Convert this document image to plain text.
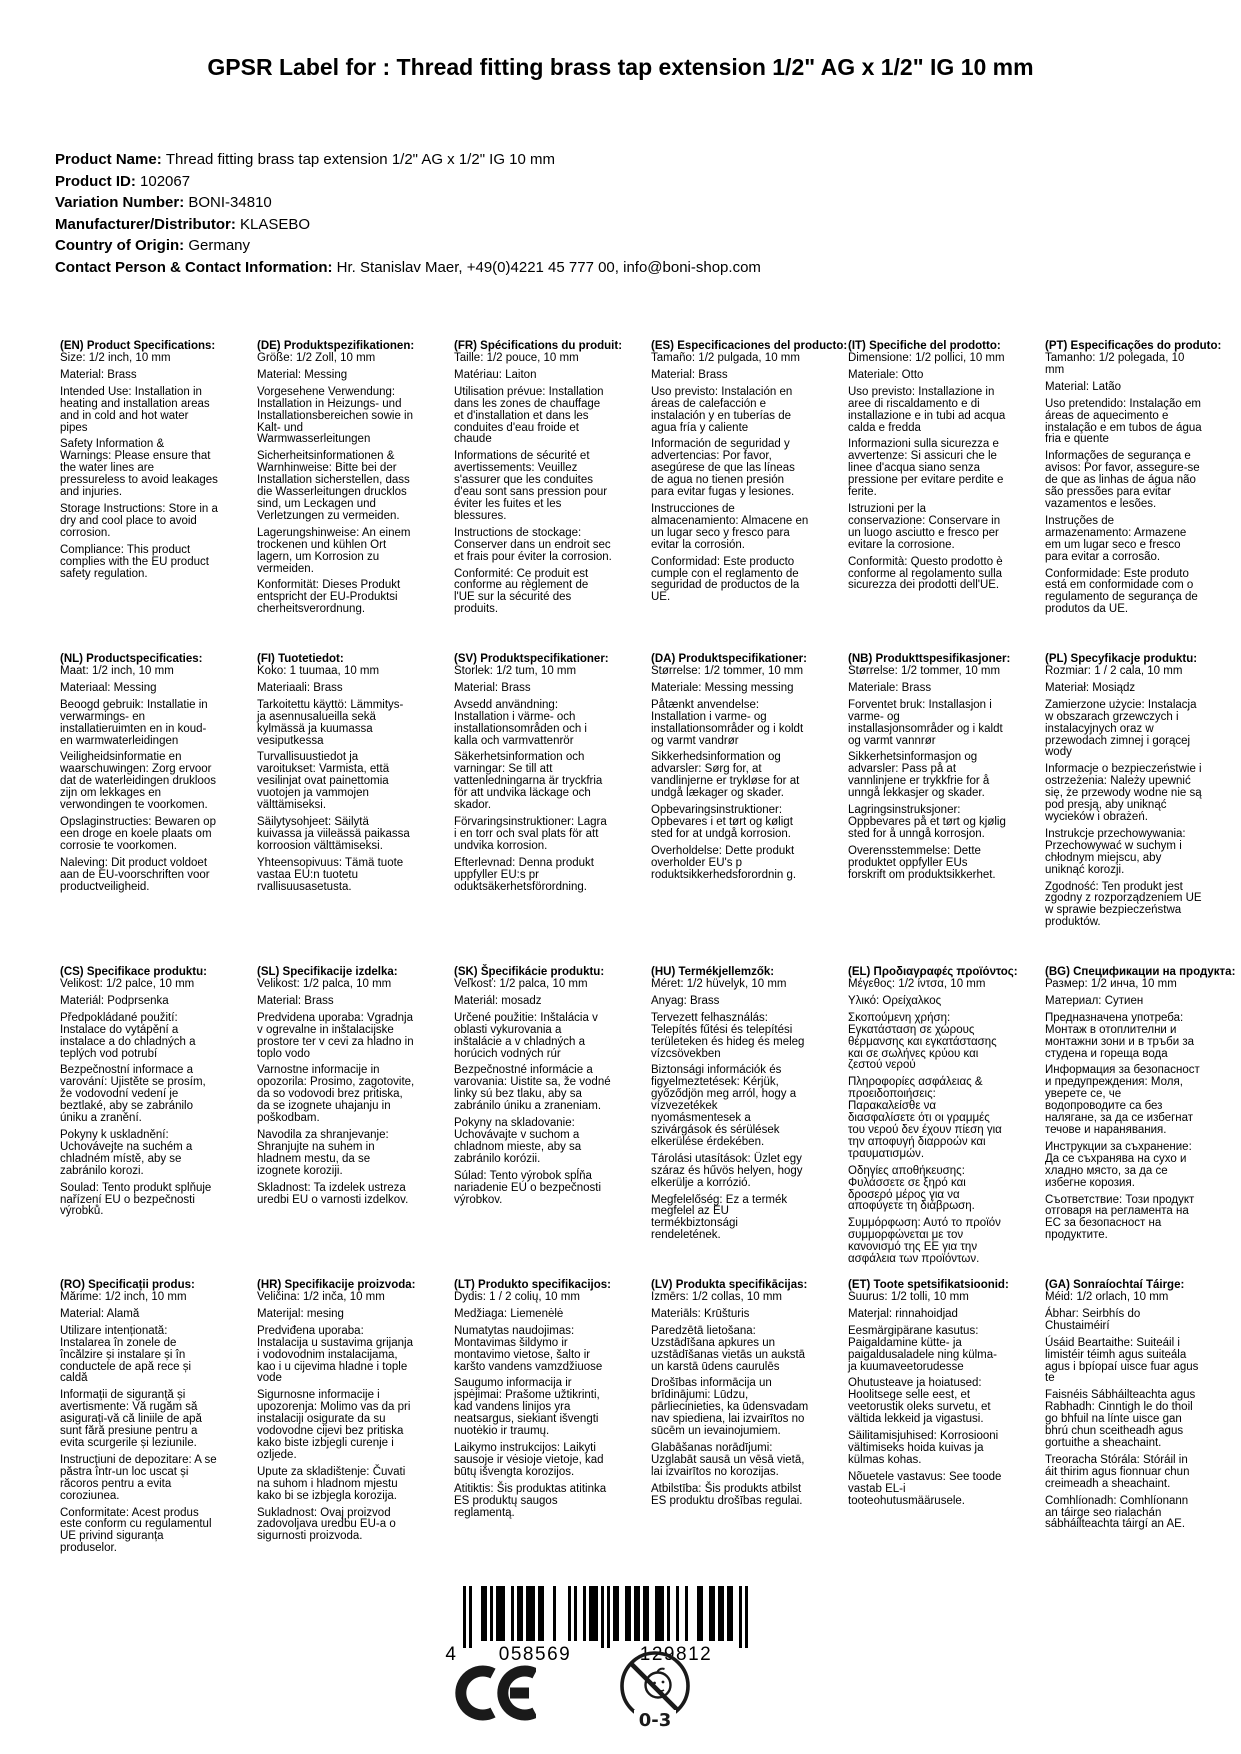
GPSR Label for : Thread fitting brass tap extension 1/2" AG x 1/2" IG 10 mm
Product Name: Thread fitting brass tap extension 1/2" AG x 1/2" IG 10 mm
Product ID: 102067
Variation Number: BONI-34810
Manufacturer/Distributor: KLASEBO
Country of Origin: Germany
Contact Person & Contact Information: Hr. Stanislav Maer, +49(0)4221 45 777 00, info@boni-shop.com
(EN) Product Specifications:

Size: 1/2 inch, 10 mm

Material: Brass

Intended Use: Installation in heating and installation areas and in cold and hot water pipes

Safety Information & Warnings: Please ensure that the water lines are pressureless to avoid leakages and injuries.

Storage Instructions: Store in a dry and cool place to avoid corrosion.

Compliance: This product complies with the EU product safety regulation.

(DE) Produktspezifikationen:

Größe: 1/2 Zoll, 10 mm

Material: Messing

Vorgesehene Verwendung: Installation in Heizungs- und Installationsbereichen sowie in Kalt- und Warmwasserleitungen

Sicherheitsinformationen & Warnhinweise: Bitte bei der Installation sicherstellen, dass die Wasserleitungen drucklos sind, um Leckagen und Verletzungen zu vermeiden.

Lagerungshinweise: An einem trockenen und kühlen Ort lagern, um Korrosion zu vermeiden.

Konformität: Dieses Produkt entspricht der EU-Produktsi cherheitsverordnung.

(FR) Spécifications du produit:

Taille: 1/2 pouce, 10 mm

Matériau: Laiton

Utilisation prévue: Installation dans les zones de chauffage et d'installation et dans les conduites d'eau froide et chaude

Informations de sécurité et avertissements: Veuillez s'assurer que les conduites d'eau sont sans pression pour éviter les fuites et les blessures.

Instructions de stockage: Conserver dans un endroit sec et frais pour éviter la corrosion.

Conformité: Ce produit est conforme au règlement de l'UE sur la sécurité des produits.

(ES) Especificaciones del producto:

Tamaño: 1/2 pulgada, 10 mm

Material: Brass

Uso previsto: Instalación en áreas de calefacción e instalación y en tuberías de agua fría y caliente

Información de seguridad y advertencias: Por favor, asegúrese de que las líneas de agua no tienen presión para evitar fugas y lesiones.

Instrucciones de almacenamiento: Almacene en un lugar seco y fresco para evitar la corrosión.

Conformidad: Este producto cumple con el reglamento de seguridad de productos de la UE.

(IT) Specifiche del prodotto:

Dimensione: 1/2 pollici, 10 mm

Materiale: Otto

Uso previsto: Installazione in aree di riscaldamento e di installazione e in tubi ad acqua calda e fredda

Informazioni sulla sicurezza e avvertenze: Si assicuri che le linee d'acqua siano senza pressione per evitare perdite e ferite.

Istruzioni per la conservazione: Conservare in un luogo asciutto e fresco per evitare la corrosione.

Conformità: Questo prodotto è conforme al regolamento sulla sicurezza dei prodotti dell'UE.

(PT) Especificações do produto:

Tamanho: 1/2 polegada, 10 mm

Material: Latão

Uso pretendido: Instalação em áreas de aquecimento e instalação e em tubos de água fria e quente

Informações de segurança e avisos: Por favor, assegure-se de que as linhas de água não são pressões para evitar vazamentos e lesões.

Instruções de armazenamento: Armazene em um lugar seco e fresco para evitar a corrosão.

Conformidade: Este produto está em conformidade com o regulamento de segurança de produtos da UE.

(NL) Productspecificaties:

Maat: 1/2 inch, 10 mm

Materiaal: Messing

Beoogd gebruik: Installatie in verwarmings- en installatieruimten en in koud- en warmwaterleidingen

Veiligheidsinformatie en waarschuwingen: Zorg ervoor dat de waterleidingen drukloos zijn om lekkages en verwondingen te voorkomen.

Opslaginstructies: Bewaren op een droge en koele plaats om corrosie te voorkomen.

Naleving: Dit product voldoet aan de EU-voorschriften voor productveiligheid.

(FI) Tuotetiedot:

Koko: 1 tuumaa, 10 mm

Materiaali: Brass

Tarkoitettu käyttö: Lämmitys- ja asennusalueilla sekä kylmässä ja kuumassa vesiputkessa

Turvallisuustiedot ja varoitukset: Varmista, että vesilinjat ovat painettomia vuotojen ja vammojen välttämiseksi.

Säilytysohjeet: Säilytä kuivassa ja viileässä paikassa korroosion välttämiseksi.

Yhteensopivuus: Tämä tuote vastaa EU:n tuotetu rvallisuusasetusta.

(SV) Produktspecifikationer:

Storlek: 1/2 tum, 10 mm

Material: Brass

Avsedd användning: Installation i värme- och installationsområden och i kalla och varmvattenrör

Säkerhetsinformation och varningar: Se till att vattenledningarna är tryckfria för att undvika läckage och skador.

Förvaringsinstruktioner: Lagra i en torr och sval plats för att undvika korrosion.

Efterlevnad: Denna produkt uppfyller EU:s pr oduktsäkerhetsförordning.

(DA) Produktspecifikationer:

Størrelse: 1/2 tommer, 10 mm

Materiale: Messing messing

Påtænkt anvendelse: Installation i varme- og installationsområder og i koldt og varmt vandrør

Sikkerhedsinformation og advarsler: Sørg for, at vandlinjerne er trykløse for at undgå lækager og skader.

Opbevaringsinstruktioner: Opbevares i et tørt og køligt sted for at undgå korrosion.

Overholdelse: Dette produkt overholder EU's p roduktsikkerhedsforordnin g.

(NB) Produkttspesifikasjoner:

Størrelse: 1/2 tommer, 10 mm

Materiale: Brass

Forventet bruk: Installasjon i varme- og installasjonsområder og i kaldt og varmt vannrør

Sikkerhetsinformasjon og advarsler: Pass på at vannlinjene er trykkfrie for å unngå lekkasjer og skader.

Lagringsinstruksjoner: Oppbevares på et tørt og kjølig sted for å unngå korrosjon.

Overensstemmelse: Dette produktet oppfyller EUs forskrift om produktsikkerhet.

(PL) Specyfikacje produktu:

Rozmiar: 1 / 2 cala, 10 mm

Materiał: Mosiądz

Zamierzone użycie: Instalacja w obszarach grzewczych i instalacyjnych oraz w przewodach zimnej i gorącej wody

Informacje o bezpieczeństwie i ostrzeżenia: Należy upewnić się, że przewody wodne nie są pod presją, aby uniknąć wycieków i obrażeń.

Instrukcje przechowywania: Przechowywać w suchym i chłodnym miejscu, aby uniknąć korozji.

Zgodność: Ten produkt jest zgodny z rozporządzeniem UE w sprawie bezpieczeństwa produktów.

(CS) Specifikace produktu:

Velikost: 1/2 palce, 10 mm

Materiál: Podprsenka

Předpokládané použití: Instalace do vytápění a instalace a do chladných a teplých vod potrubí

Bezpečnostní informace a varování: Ujistěte se prosím, že vodovodní vedení je beztlaké, aby se zabránilo úniku a zranění.

Pokyny k uskladnění: Uchovávejte na suchém a chladném místě, aby se zabránilo korozi.

Soulad: Tento produkt splňuje nařízení EU o bezpečnosti výrobků.

(SL) Specifikacije izdelka:

Velikost: 1/2 palca, 10 mm

Material: Brass

Predvidena uporaba: Vgradnja v ogrevalne in inštalacijske prostore ter v cevi za hladno in toplo vodo

Varnostne informacije in opozorila: Prosimo, zagotovite, da so vodovodi brez pritiska, da se izognete uhajanju in poškodbam.

Navodila za shranjevanje: Shranjujte na suhem in hladnem mestu, da se izognete koroziji.

Skladnost: Ta izdelek ustreza uredbi EU o varnosti izdelkov.

(SK) Špecifikácie produktu:

Veľkosť: 1/2 palca, 10 mm

Materiál: mosadz

Určené použitie: Inštalácia v oblasti vykurovania a inštalácie a v chladných a horúcich vodných rúr

Bezpečnostné informácie a varovania: Uistite sa, že vodné linky sú bez tlaku, aby sa zabránilo úniku a zraneniam.

Pokyny na skladovanie: Uchovávajte v suchom a chladnom mieste, aby sa zabránilo korózii.

Súlad: Tento výrobok spĺňa nariadenie EÚ o bezpečnosti výrobkov.

(HU) Termékjellemzők:

Méret: 1/2 hüvelyk, 10 mm

Anyag: Brass

Tervezett felhasználás: Telepítés fűtési és telepítési területeken és hideg és meleg vízcsövekben

Biztonsági információk és figyelmeztetések: Kérjük, győződjön meg arról, hogy a vízvezetékek nyomásmentesek a szivárgások és sérülések elkerülése érdekében.

Tárolási utasítások: Üzlet egy száraz és hűvös helyen, hogy elkerülje a korrózió.

Megfelelőség: Ez a termék megfelel az EU termékbiztonsági rendeletének.

(EL) Προδιαγραφές προϊόντος:

Μέγεθος: 1/2 ίντσα, 10 mm

Υλικό: Ορείχαλκος

Σκοπούμενη χρήση: Εγκατάσταση σε χώρους θέρμανσης και εγκατάστασης και σε σωλήνες κρύου και ζεστού νερού

Πληροφορίες ασφάλειας & προειδοποιήσεις: Παρακαλείσθε να διασφαλίσετε ότι οι γραμμές του νερού δεν έχουν πίεση για την αποφυγή διαρροών και τραυματισμών.

Οδηγίες αποθήκευσης: Φυλάσσετε σε ξηρό και δροσερό μέρος για να αποφύγετε τη διάβρωση.

Συμμόρφωση: Αυτό το προϊόν συμμορφώνεται με τον κανονισμό της ΕΕ για την ασφάλεια των προϊόντων.

(BG) Спецификации на продукта:

Размер: 1/2 инча, 10 mm

Материал: Сутиен

Предназначена употреба: Монтаж в отоплителни и монтажни зони и в тръби за студена и гореща вода

Информация за безопасност и предупреждения: Моля, уверете се, че водопроводите са без налягане, за да се избегнат течове и наранявания.

Инструкции за съхранение: Да се съхранява на сухо и хладно място, за да се избегне корозия.

Съответствие: Този продукт отговаря на регламента на ЕС за безопасност на продуктите.

(RO) Specificații produs:

Mărime: 1/2 inch, 10 mm

Material: Alamă

Utilizare intenționată: Instalarea în zonele de încălzire și instalare și în conductele de apă rece și caldă

Informații de siguranță și avertismente: Vă rugăm să asigurați-vă că liniile de apă sunt fără presiune pentru a evita scurgerile și leziunile.

Instrucțiuni de depozitare: A se păstra într-un loc uscat și răcoros pentru a evita coroziunea.

Conformitate: Acest produs este conform cu regulamentul UE privind siguranța produselor.

(HR) Specifikacije proizvoda:

Veličina: 1/2 inča, 10 mm

Materijal: mesing

Predviđena uporaba: Instalacija u sustavima grijanja i vodovodnim instalacijama, kao i u cijevima hladne i tople vode

Sigurnosne informacije i upozorenja: Molimo vas da pri instalaciji osigurate da su vodovodne cijevi bez pritiska kako biste izbjegli curenje i ozljede.

Upute za skladištenje: Čuvati na suhom i hladnom mjestu kako bi se izbjegla korozija.

Sukladnost: Ovaj proizvod zadovoljava uredbu EU-a o sigurnosti proizvoda.

(LT) Produkto specifikacijos:

Dydis: 1 / 2 colių, 10 mm

Medžiaga: Liemenėlė

Numatytas naudojimas: Montavimas šildymo ir montavimo vietose, šalto ir karšto vandens vamzdžiuose

Saugumo informacija ir įspėjimai: Prašome užtikrinti, kad vandens linijos yra neatsargus, siekiant išvengti nuotėkio ir traumų.

Laikymo instrukcijos: Laikyti sausoje ir vėsioje vietoje, kad būtų išvengta korozijos.

Atitiktis: Šis produktas atitinka ES produktų saugos reglamentą.

(LV) Produkta specifikācijas:

Izmērs: 1/2 collas, 10 mm

Materiāls: Krūšturis

Paredzētā lietošana: Uzstādīšana apkures un uzstādīšanas vietās un aukstā un karstā ūdens caurulēs

Drošības informācija un brīdinājumi: Lūdzu, pārliecinieties, ka ūdensvadam nav spiediena, lai izvairītos no sūcēm un ievainojumiem.

Glabāšanas norādījumi: Uzglabāt sausā un vēsā vietā, lai izvairītos no korozijas.

Atbilstība: Šis produkts atbilst ES produktu drošības regulai.

(ET) Toote spetsifikatsioonid:

Suurus: 1/2 tolli, 10 mm

Materjal: rinnahoidjad

Eesmärgipärane kasutus: Paigaldamine kütte- ja paigaldusaladele ning külma- ja kuumaveetorudesse

Ohutusteave ja hoiatused: Hoolitsege selle eest, et veetorustik oleks survetu, et vältida lekkeid ja vigastusi.

Säilitamisjuhised: Korrosiooni vältimiseks hoida kuivas ja külmas kohas.

Nõuetele vastavus: See toode vastab EL-i tooteohutusmäärusele.

(GA) Sonraíochtaí Táirge:

Méid: 1/2 orlach, 10 mm

Ábhar: Seirbhís do Chustaiméirí

Úsáid Beartaithe: Suiteáil i limistéir téimh agus suiteála agus i bpíopaí uisce fuar agus te

Faisnéis Sábháilteachta agus Rabhadh: Cinntigh le do thoil go bhfuil na línte uisce gan bhrú chun sceitheadh agus gortuithe a sheachaint.

Treoracha Stórála: Stóráil in áit thirim agus fionnuar chun creimeadh a sheachaint.

Comhlíonadh: Comhlíonann an táirge seo rialachán sábháilteachta táirgí an AE.

4	058569	129812
0-3
